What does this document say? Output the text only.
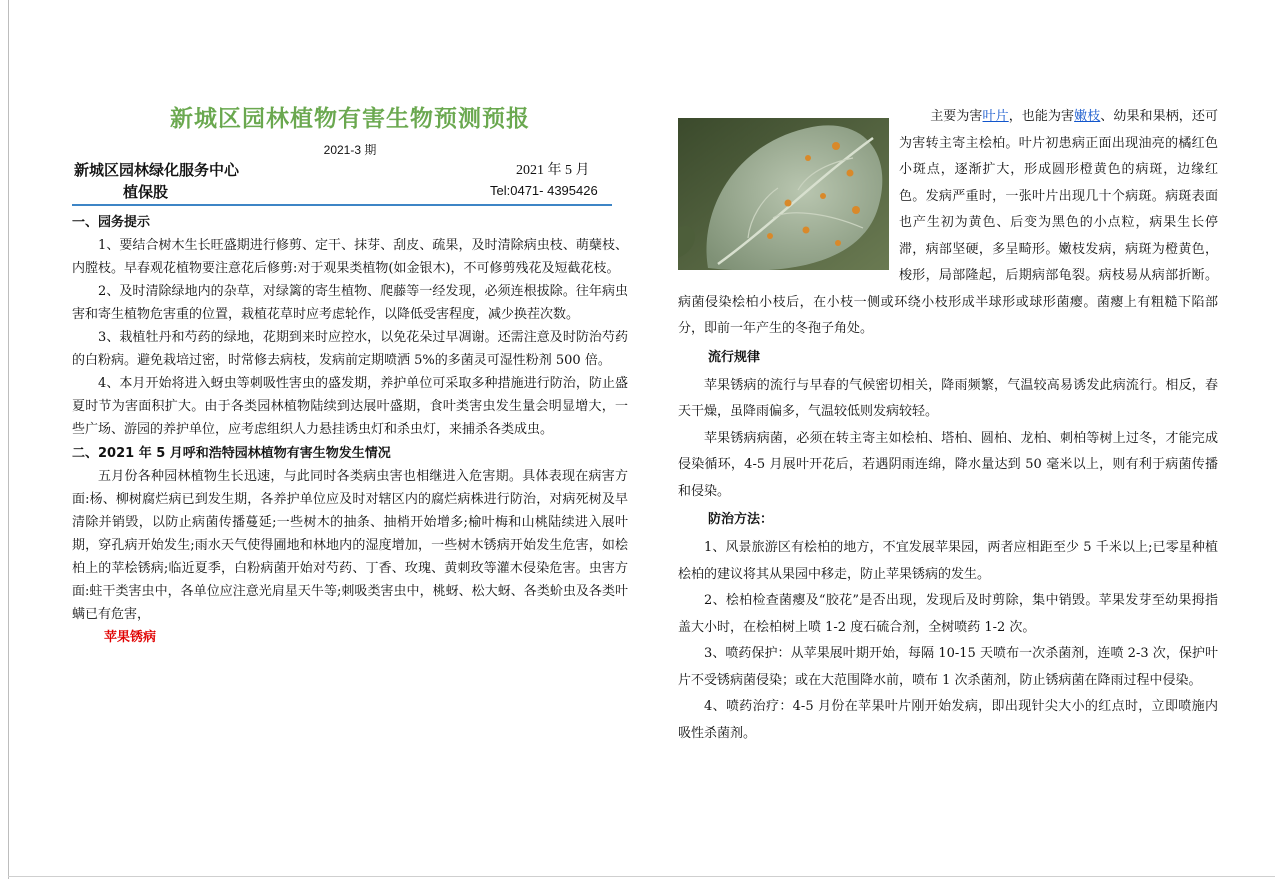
新城区园林植物有害生物预测预报
2021-3 期
新城区园林绿化服务中心	2021 年 5 月
植保股	Tel:0471- 4395426
一、园务提示

1、要结合树木生长旺盛期进行修剪、定干、抹芽、刮皮、疏果，及时清除病虫枝、萌蘖枝、内膛枝。早春观花植物要注意花后修剪:对于观果类植物(如金银木)，不可修剪残花及短截花枝。

2、及时清除绿地内的杂草，对绿篱的寄生植物、爬藤等一经发现，必须连根拔除。往年病虫害和寄生植物危害重的位置，栽植花草时应考虑轮作，以降低受害程度，减少换茬次数。

3、栽植牡丹和芍药的绿地，花期到来时应控水，以免花朵过早凋谢。还需注意及时防治芍药的白粉病。避免栽培过密，时常修去病枝，发病前定期喷洒 5%的多菌灵可湿性粉剂 500 倍。

4、本月开始将进入蚜虫等刺吸性害虫的盛发期，养护单位可采取多种措施进行防治，防止盛夏时节为害面积扩大。由于各类园林植物陆续到达展叶盛期，食叶类害虫发生量会明显增大，一些广场、游园的养护单位，应考虑组织人力悬挂诱虫灯和杀虫灯，来捕杀各类成虫。

二、2021 年 5 月呼和浩特园林植物有害生物发生情况

五月份各种园林植物生长迅速，与此同时各类病虫害也相继进入危害期。具体表现在病害方面:杨、柳树腐烂病已到发生期，各养护单位应及时对辖区内的腐烂病株进行防治，对病死树及早清除并销毁，以防止病菌传播蔓延;一些树木的抽条、抽梢开始增多;榆叶梅和山桃陆续进入展叶期，穿孔病开始发生;雨水天气使得圃地和林地内的湿度增加，一些树木锈病开始发生危害，如桧柏上的苹桧锈病;临近夏季，白粉病菌开始对芍药、丁香、玫瑰、黄刺玫等灌木侵染危害。虫害方面:蛀干类害虫中，各单位应注意光肩星天牛等;刺吸类害虫中，桃蚜、松大蚜、各类蚧虫及各类叶螨已有危害，

苹果锈病

主要为害叶片，也能为害嫩枝、幼果和果柄，还可为害转主寄主桧柏。叶片初患病正面出现油亮的橘红色小斑点，逐渐扩大，形成圆形橙黄色的病斑，边缘红色。发病严重时，一张叶片出现几十个病斑。病斑表面也产生初为黄色、后变为黑色的小点粒，病果生长停滞，病部坚硬，多呈畸形。嫩枝发病，病斑为橙黄色，梭形，局部隆起，后期病部龟裂。病枝易从病部折断。病菌侵染桧柏小枝后，在小枝一侧或环绕小枝形成半球形或球形菌瘿。菌瘿上有粗糙下陷部分，即前一年产生的冬孢子角处。

流行规律

苹果锈病的流行与早春的气候密切相关，降雨频繁，气温较高易诱发此病流行。相反，春天干燥，虽降雨偏多，气温较低则发病较轻。

苹果锈病病菌，必须在转主寄主如桧柏、塔柏、圆柏、龙柏、刺柏等树上过冬，才能完成侵染循环，4-5 月展叶开花后，若遇阴雨连绵，降水量达到 50 毫米以上，则有利于病菌传播和侵染。

防治方法：

1、风景旅游区有桧柏的地方，不宜发展苹果园，两者应相距至少 5 千米以上;已零星种植桧柏的建议将其从果园中移走，防止苹果锈病的发生。

2、桧柏检查菌瘿及“胶花”是否出现，发现后及时剪除，集中销毁。苹果发芽至幼果拇指盖大小时，在桧柏树上喷 1-2 度石硫合剂，全树喷药 1-2 次。

3、喷药保护：从苹果展叶期开始，每隔 10-15 天喷布一次杀菌剂，连喷 2-3 次，保护叶片不受锈病菌侵染；或在大范围降水前，喷布 1 次杀菌剂，防止锈病菌在降雨过程中侵染。

4、喷药治疗：4-5 月份在苹果叶片刚开始发病，即出现针尖大小的红点时，立即喷施内吸性杀菌剂。
